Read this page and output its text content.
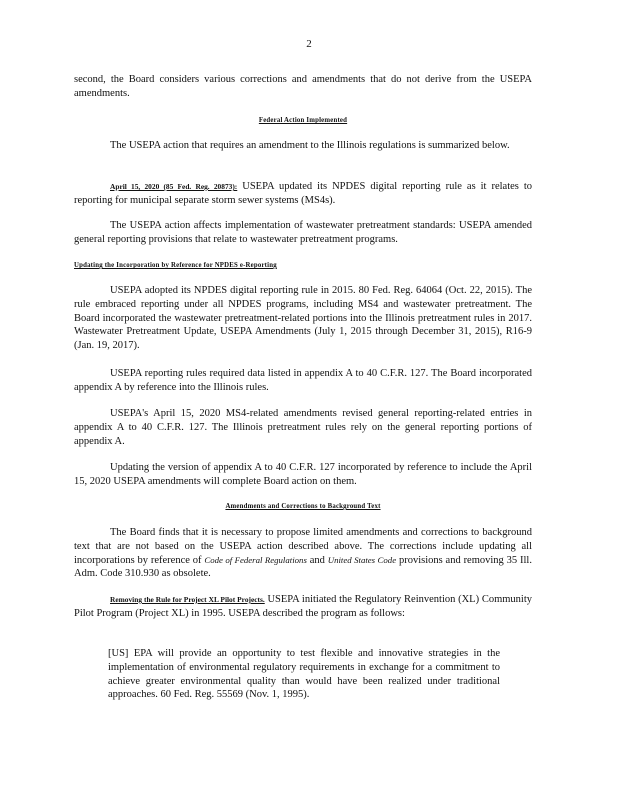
2

second, the Board considers various corrections and amendments that do not derive from the USEPA amendments.

Federal Action Implemented

The USEPA action that requires an amendment to the Illinois regulations is summarized below.

April 15, 2020 (85 Fed. Reg. 20873): USEPA updated its NPDES digital reporting rule as it relates to reporting for municipal separate storm sewer systems (MS4s).

The USEPA action affects implementation of wastewater pretreatment standards: USEPA amended general reporting provisions that relate to wastewater pretreatment programs.

Updating the Incorporation by Reference for NPDES e-Reporting

USEPA adopted its NPDES digital reporting rule in 2015. 80 Fed. Reg. 64064 (Oct. 22, 2015). The rule embraced reporting under all NPDES programs, including MS4 and wastewater pretreatment. The Board incorporated the wastewater pretreatment-related portions into the Illinois pretreatment rules in 2017. Wastewater Pretreatment Update, USEPA Amendments (July 1, 2015 through December 31, 2015), R16-9 (Jan. 19, 2017).

USEPA reporting rules required data listed in appendix A to 40 C.F.R. 127. The Board incorporated appendix A by reference into the Illinois rules.

USEPA's April 15, 2020 MS4-related amendments revised general reporting-related entries in appendix A to 40 C.F.R. 127. The Illinois pretreatment rules rely on the general reporting portions of appendix A.

Updating the version of appendix A to 40 C.F.R. 127 incorporated by reference to include the April 15, 2020 USEPA amendments will complete Board action on them.

Amendments and Corrections to Background Text

The Board finds that it is necessary to propose limited amendments and corrections to background text that are not based on the USEPA action described above. The corrections include updating all incorporations by reference of Code of Federal Regulations and United States Code provisions and removing 35 Ill. Adm. Code 310.930 as obsolete.

Removing the Rule for Project XL Pilot Projects. USEPA initiated the Regulatory Reinvention (XL) Community Pilot Program (Project XL) in 1995. USEPA described the program as follows:

[US] EPA will provide an opportunity to test flexible and innovative strategies in the implementation of environmental regulatory requirements in exchange for a commitment to achieve greater environmental quality than would have been realized under traditional approaches. 60 Fed. Reg. 55569 (Nov. 1, 1995).
